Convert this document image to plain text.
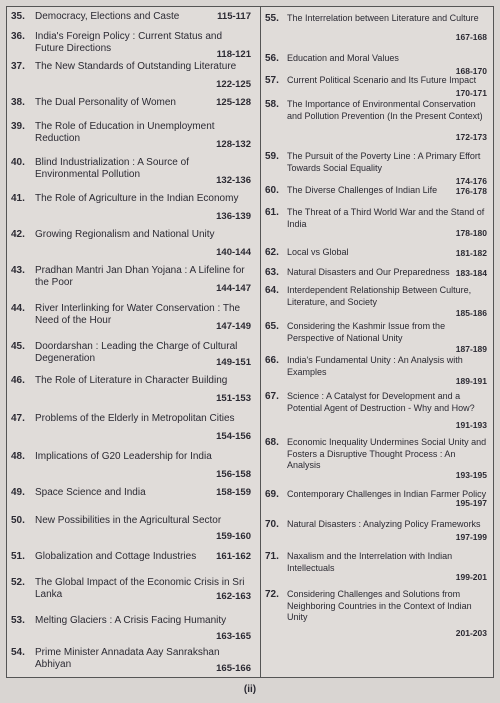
35. Democracy, Elections and Caste	115-117
36. India's Foreign Policy : Current Status and Future Directions
118-121
37. The New Standards of Outstanding Literature
122-125
38. The Dual Personality of Women	125-128
39. The Role of Education in Unemployment Reduction
128-132
40. Blind Industrialization : A Source of Environmental Pollution
132-136
41. The Role of Agriculture in the Indian Economy
136-139
42. Growing Regionalism and National Unity
140-144
43. Pradhan Mantri Jan Dhan Yojana : A Lifeline for the Poor
144-147
44. River Interlinking for Water Conservation : The Need of the Hour
147-149
45. Doordarshan : Leading the Charge of Cultural Degeneration	149-151
46. The Role of Literature in Character Building
151-153
47. Problems of the Elderly in Metropolitan Cities
154-156
48. Implications of G20 Leadership for India
156-158
49. Space Science and India	158-159
50. New Possibilities in the Agricultural Sector
159-160
51. Globalization and Cottage Industries	161-162
52. The Global Impact of the Economic Crisis in Sri Lanka	162-163
53. Melting Glaciers : A Crisis Facing Humanity
163-165
54. Prime Minister Annadata Aay Sanrakshan Abhiyan	165-166
55. The Interrelation between Literature and Culture
167-168
56. Education and Moral Values
168-170
57. Current Political Scenario and Its Future Impact
170-171
58. The Importance of Environmental Conservation and Pollution Prevention (In the Present Context)
172-173
59. The Pursuit of the Poverty Line : A Primary Effort Towards Social Equality
174-176
60. The Diverse Challenges of Indian Life	176-178
61. The Threat of a Third World War and the Stand of India
178-180
62. Local vs Global	181-182
63. Natural Disasters and Our Preparedness 183-184
64. Interdependent Relationship Between Culture, Literature, and Society
185-186
65. Considering the Kashmir Issue from the Perspective of National Unity
187-189
66. India's Fundamental Unity : An Analysis with Examples
189-191
67. Science : A Catalyst for Development and a Potential Agent of Destruction - Why and How?
191-193
68. Economic Inequality Undermines Social Unity and Fosters a Disruptive Thought Process : An Analysis
193-195
69. Contemporary Challenges in Indian Farmer Policy
195-197
70. Natural Disasters : Analyzing Policy Frameworks
197-199
71. Naxalism and the Interrelation with Indian Intellectuals
199-201
72. Considering Challenges and Solutions from Neighboring Countries in the Context of Indian Unity
201-203
(ii)
